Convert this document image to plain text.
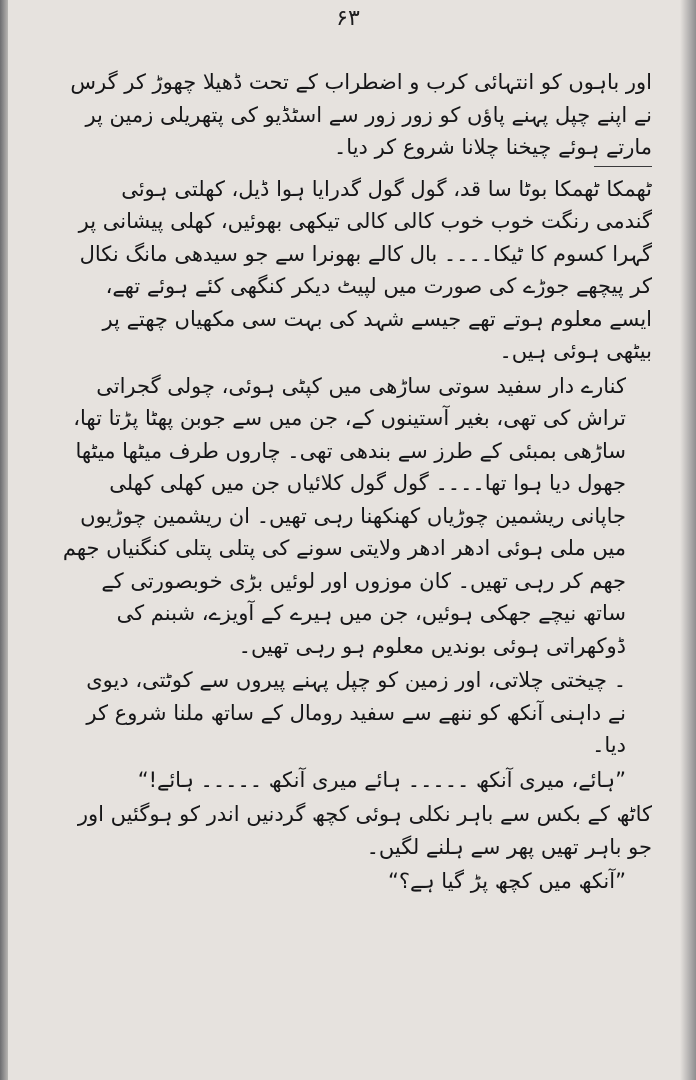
۶۳

اور باہوں کو انتہائی کرب و اضطراب کے تحت ڈھیلا چھوڑ کر گرس نے اپنے چپل پہنے پاؤں کو زور زور سے اسٹڈیو کی پتھریلی زمین پر مارتے ہوئے چیخنا چلانا شروع کر دیا۔

ٹھمکا ٹھمکا بوٹا سا قد، گول گول گدرایا ہوا ڈیل، کھلتی ہوئی گندمی رنگت خوب خوب کالی کالی تیکھی بھوئیں، کھلی پیشانی پر گہرا کسوم کا ٹیکا۔۔۔۔ بال کالے بھونرا سے جو سیدھی مانگ نکال کر پیچھے جوڑے کی صورت میں لپیٹ دیکر کنگھی کئے ہوئے تھے، ایسے معلوم ہوتے تھے جیسے شہد کی بہت سی مکھیاں چھتے پر بیٹھی ہوئی ہیں۔

کنارے دار سفید سوتی ساڑھی میں کپٹی ہوئی، چولی گجراتی تراش کی تھی، بغیر آستینوں کے، جن میں سے جوبن پھٹا پڑتا تھا، ساڑھی بمبئی کے طرز سے بندھی تھی۔ چاروں طرف میٹھا میٹھا جھول دیا ہوا تھا۔۔۔۔ گول گول کلائیاں جن میں کھلی کھلی جاپانی ریشمین چوڑیاں کھنکھنا رہی تھیں۔ ان ریشمین چوڑیوں میں ملی ہوئی ادھر ادھر ولایتی سونے کی پتلی پتلی کنگنیاں جھم جھم کر رہی تھیں۔ کان موزوں اور لوئیں بڑی خوبصورتی کے ساتھ نیچے جھکی ہوئیں، جن میں ہیرے کے آویزے، شبنم کی ڈوکھراتی ہوئی بوندیں معلوم ہو رہی تھیں۔

۔ چیختی چلاتی، اور زمین کو چپل پہنے پیروں سے کوٹتی، دیوی نے داہنی آنکھ کو ننھے سے سفید رومال کے ساتھ ملنا شروع کر دیا۔

”ہائے، میری آنکھ ۔۔۔۔۔ ہائے میری آنکھ ۔۔۔۔۔ ہائے!“

کاٹھ کے بکس سے باہر نکلی ہوئی کچھ گردنیں اندر کو ہوگئیں اور جو باہر تھیں پھر سے ہلنے لگیں۔

”آنکھ میں کچھ پڑ گیا ہے؟“
